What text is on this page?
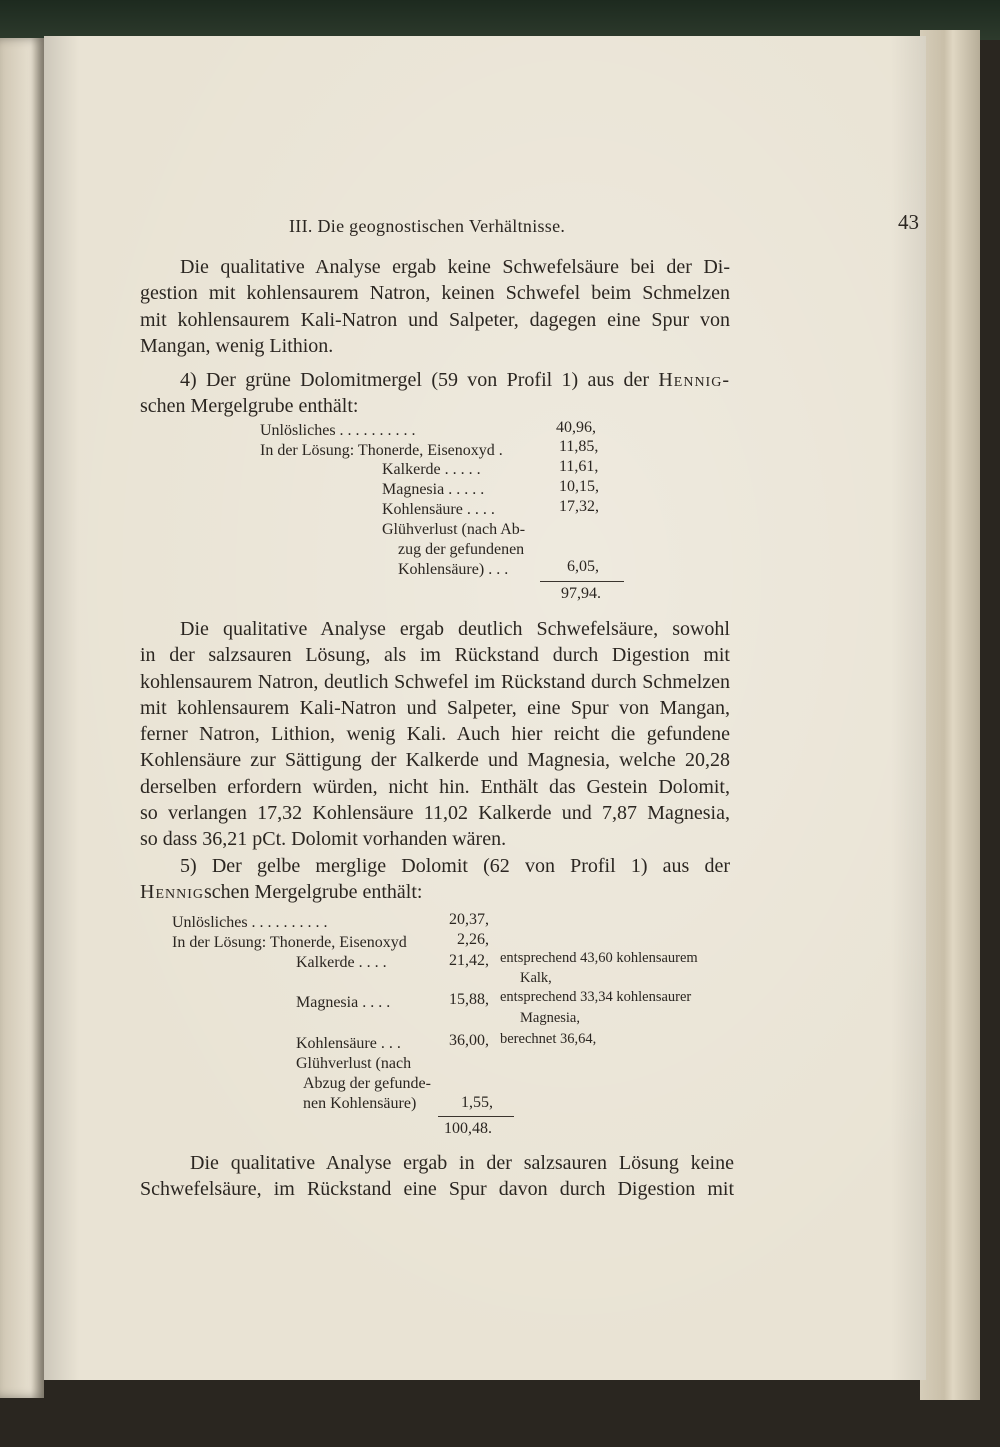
III. Die geognostischen Verhältnisse.	43
Die qualitative Analyse ergab keine Schwefelsäure bei der Di-
gestion mit kohlensaurem Natron, keinen Schwefel beim Schmelzen
mit kohlensaurem Kali-Natron und Salpeter, dagegen eine Spur von
Mangan, wenig Lithion.
4) Der grüne Dolomitmergel (59 von Profil 1) aus der Hennig-
schen Mergelgrube enthält:
Unlösliches . . . . . . . . . .	40,96,
In der Lösung: Thonerde, Eisenoxyd .	11,85,
Kalkerde . . . . .	11,61,
Magnesia . . . . .	10,15,
Kohlensäure . . . .	17,32,
Glühverlust (nach Ab-
zug der gefundenen
Kohlensäure) . . .	6,05,
97,94.
Die qualitative Analyse ergab deutlich Schwefelsäure, sowohl
in der salzsauren Lösung, als im Rückstand durch Digestion mit
kohlensaurem Natron, deutlich Schwefel im Rückstand durch Schmelzen
mit kohlensaurem Kali-Natron und Salpeter, eine Spur von Mangan,
ferner Natron, Lithion, wenig Kali. Auch hier reicht die gefundene
Kohlensäure zur Sättigung der Kalkerde und Magnesia, welche 20,28
derselben erfordern würden, nicht hin. Enthält das Gestein Dolomit,
so verlangen 17,32 Kohlensäure 11,02 Kalkerde und 7,87 Magnesia,
so dass 36,21 pCt. Dolomit vorhanden wären.
5) Der gelbe merglige Dolomit (62 von Profil 1) aus der
Hennigschen Mergelgrube enthält:
Unlösliches . . . . . . . . . .	20,37,
In der Lösung: Thonerde, Eisenoxyd	2,26,
Kalkerde . . . .	21,42, entsprechend 43,60 kohlensaurem
Kalk,
Magnesia . . . .	15,88, entsprechend 33,34 kohlensaurer
Magnesia,
Kohlensäure . . .	36,00, berechnet 36,64,
Glühverlust (nach
Abzug der gefunde-
nen Kohlensäure)	1,55,
100,48.
Die qualitative Analyse ergab in der salzsauren Lösung keine
Schwefelsäure, im Rückstand eine Spur davon durch Digestion mit
